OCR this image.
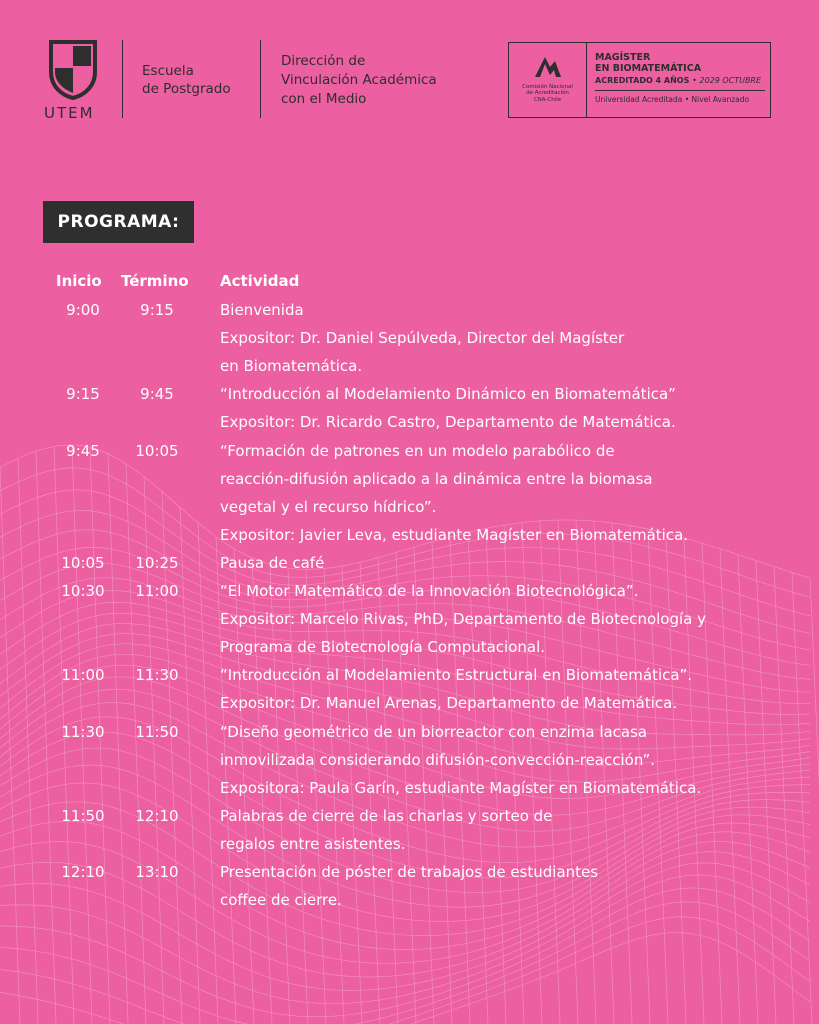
UTEM
Escuela
de Postgrado
Dirección de
Vinculación Académica
con el Medio
Comisión Nacional
de Acreditación
CNA-Chile
MAGÍSTER
EN BIOMATEMÁTICA
ACREDITADO 4 AÑOS • 2029 OCTUBRE
Universidad Acreditada • Nivel Avanzado
PROGRAMA:
Inicio Término Actividad
9:00	9:15	Bienvenida
Expositor: Dr. Daniel Sepúlveda, Director del Magíster
en Biomatemática.
9:15	9:45	“Introducción al Modelamiento Dinámico en Biomatemática”
Expositor: Dr. Ricardo Castro, Departamento de Matemática.
9:45	10:05	“Formación de patrones en un modelo parabólico de
reacción-difusión aplicado a la dinámica entre la biomasa
vegetal y el recurso hídrico”.
Expositor: Javier Leva, estudiante Magíster en Biomatemática.
10:05	10:25	Pausa de café
10:30	11:00	“El Motor Matemático de la Innovación Biotecnológica”.
Expositor: Marcelo Rivas, PhD, Departamento de Biotecnología y
Programa de Biotecnología Computacional.
11:00	11:30	“Introducción al Modelamiento Estructural en Biomatemática”.
Expositor: Dr. Manuel Arenas, Departamento de Matemática.
11:30	11:50	“Diseño geométrico de un biorreactor con enzima lacasa
inmovilizada considerando difusión-convección-reacción”.
Expositora: Paula Garín, estudiante Magíster en Biomatemática.
11:50	12:10	Palabras de cierre de las charlas y sorteo de
regalos entre asistentes.
12:10	13:10	Presentación de póster de trabajos de estudiantes
coffee de cierre.
